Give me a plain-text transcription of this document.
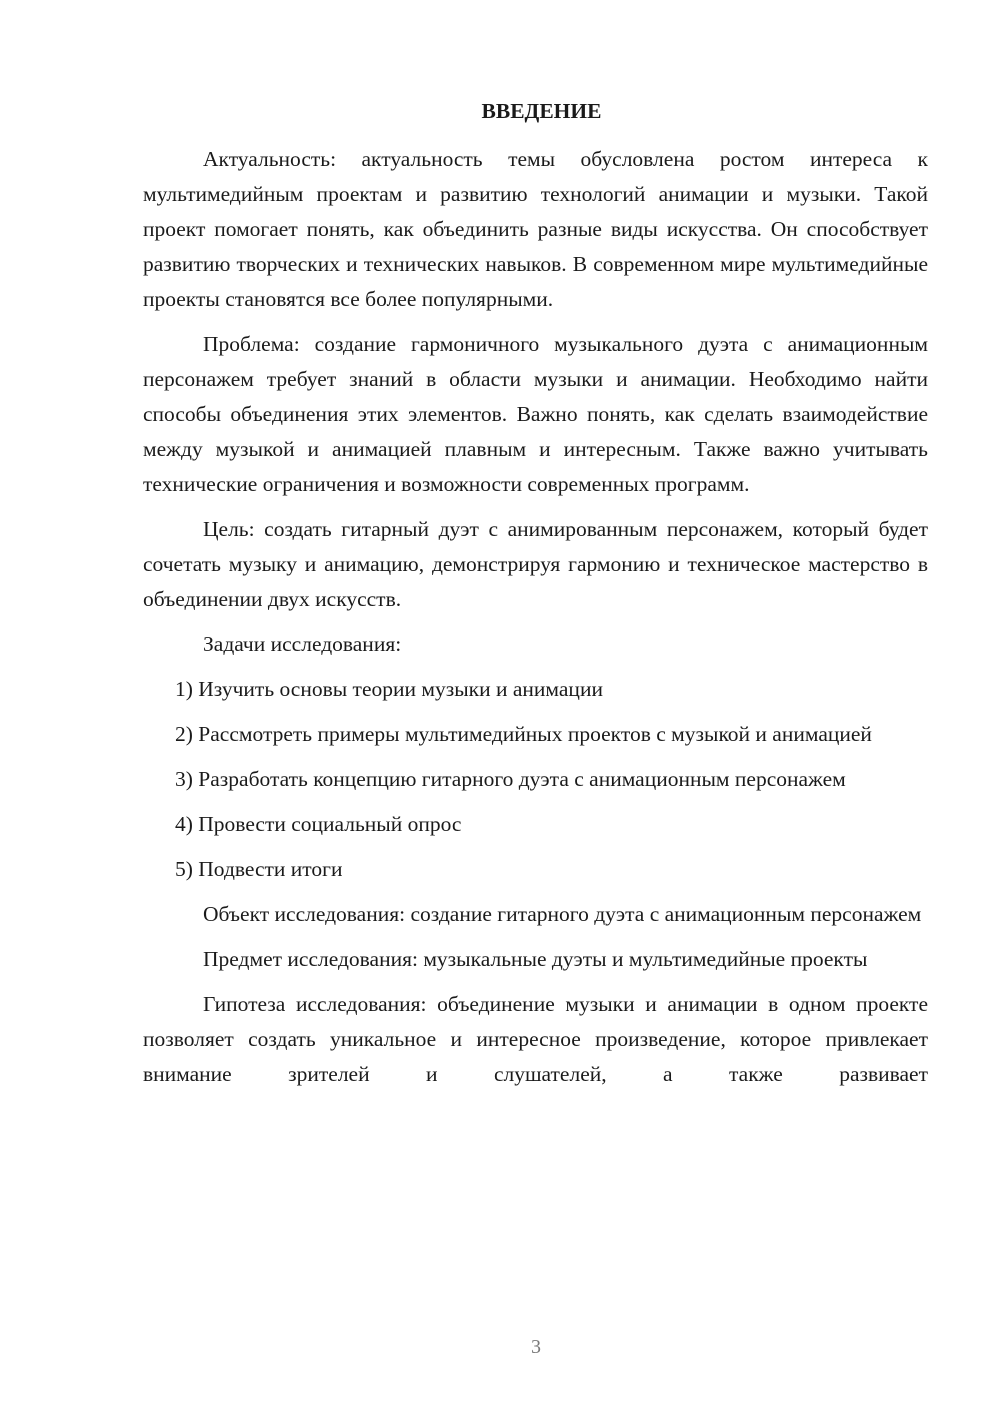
ВВЕДЕНИЕ

Актуальность: актуальность темы обусловлена ростом интереса к мультимедийным проектам и развитию технологий анимации и музыки. Такой проект помогает понять, как объединить разные виды искусства. Он способствует развитию творческих и технических навыков. В современном мире мультимедийные проекты становятся все более популярными.

Проблема: создание гармоничного музыкального дуэта с анимационным персонажем требует знаний в области музыки и анимации. Необходимо найти способы объединения этих элементов. Важно понять, как сделать взаимодействие между музыкой и анимацией плавным и интересным. Также важно учитывать технические ограничения и возможности современных программ.

Цель: создать гитарный дуэт с анимированным персонажем, который будет сочетать музыку и анимацию, демонстрируя гармонию и техническое мастерство в объединении двух искусств.

Задачи исследования:

1) Изучить основы теории музыки и анимации

2) Рассмотреть примеры мультимедийных проектов с музыкой и анимацией

3) Разработать концепцию гитарного дуэта с анимационным персонажем

4) Провести социальный опрос

5) Подвести итоги

Объект исследования: создание гитарного дуэта с анимационным персонажем

Предмет исследования: музыкальные дуэты и мультимедийные проекты

Гипотеза исследования: объединение музыки и анимации в одном проекте позволяет создать уникальное и интересное произведение, которое привлекает внимание зрителей и слушателей, а также развивает

3
